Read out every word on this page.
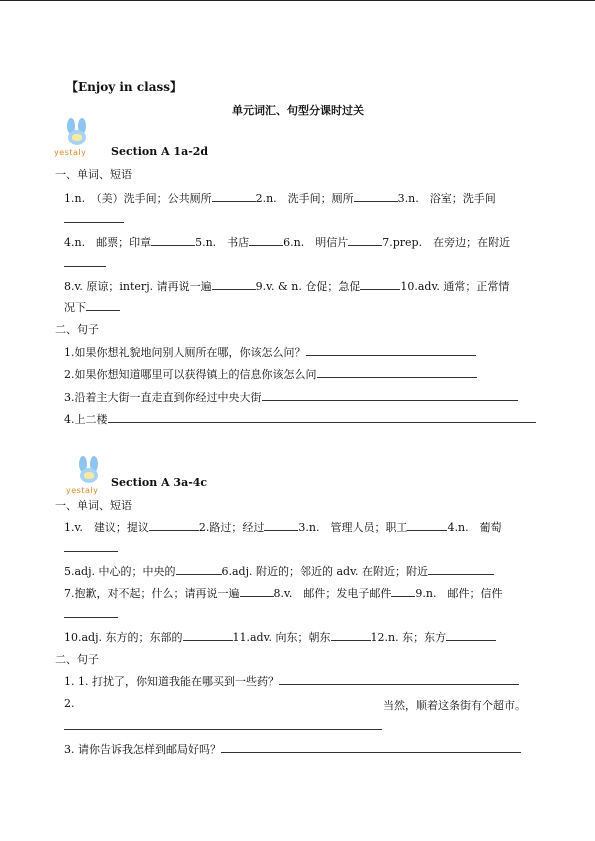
【Enjoy in class】
单元词汇、句型分课时过关
yestaly Section A 1a-2d
一、单词、短语
1.n.　（美）洗手间；公共厕所	2.n.　洗手间；厕所	3.n.　浴室；洗手间
4.n.　邮票；印章	5.n.　书店	6.n.　明信片	7.prep.　在旁边；在附近
8.v. 原谅；interj. 请再说一遍	9.v. & n. 仓促；急促	10.adv. 通常；正常情
况下
二、句子
1.如果你想礼貌地问别人厕所在哪，你该怎么问？
2.如果你想知道哪里可以获得镇上的信息你该怎么问
3.沿着主大街一直走直到你经过中央大街
4.上二楼
yestaly
Section A 3a-4c
一、单词、短语
1.v.　建议；提议	2.路过；经过	3.n.　管理人员；职工	4.n.　葡萄
5.adj. 中心的；中央的	6.adj. 附近的；邻近的 adv. 在附近；附近
7.抱歉，对不起；什么；请再说一遍	8.v.　邮件；发电子邮件 9.n.　邮件；信件
10.adj. 东方的；东部的	11.adv. 向东；朝东	12.n. 东；东方
二、句子
1. 1. 打扰了，你知道我能在哪买到一些药？
2.	当然，顺着这条街有个超市。
3. 请你告诉我怎样到邮局好吗？
